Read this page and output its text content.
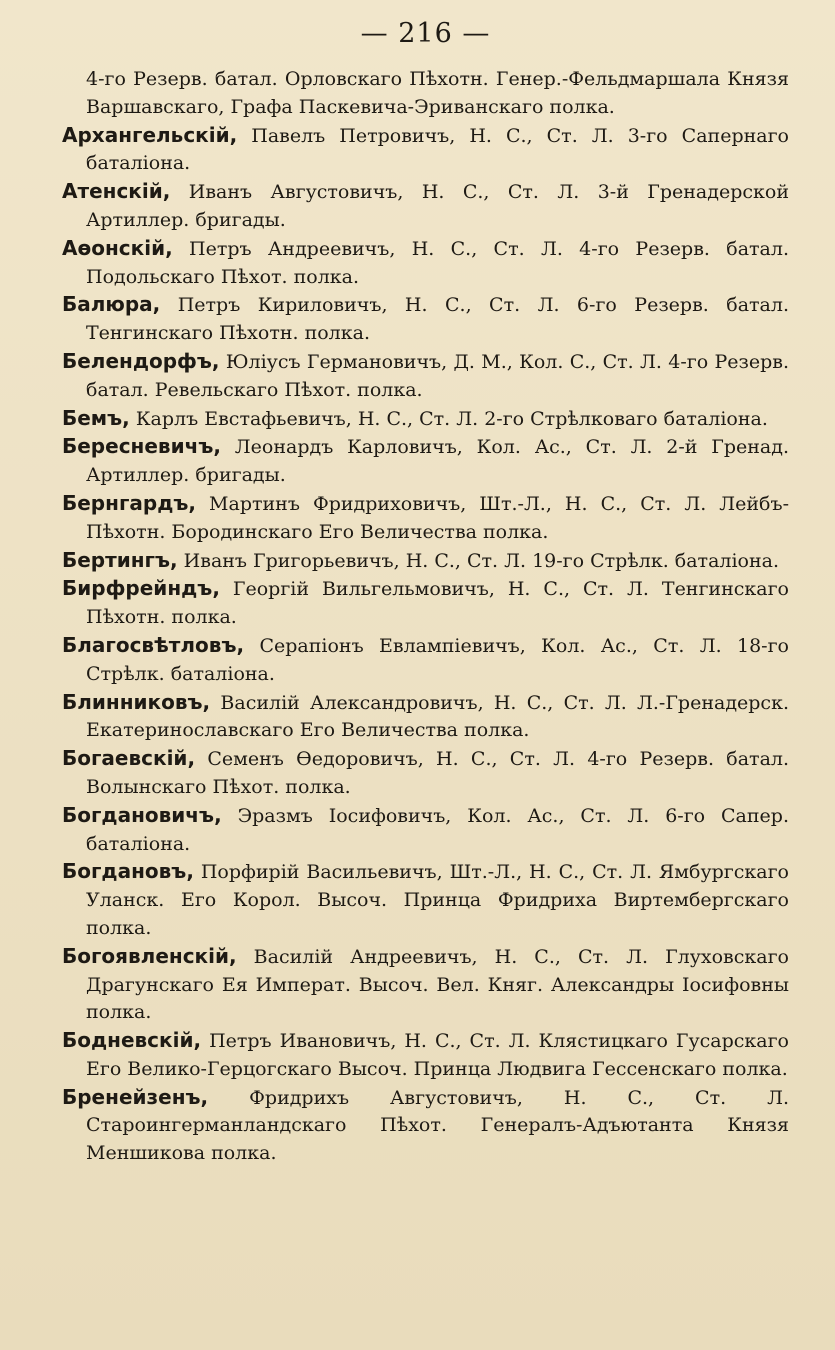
— 216 —

4-го Резерв. батал. Орловскаго Пѣхотн. Генер.-Фельдмаршала Князя Варшавскаго, Графа Паскевича-Эриванскаго полка.

Архангельскій, Павелъ Петровичъ, Н. С., Ст. Л. 3-го Сапернаго баталіона.

Атенскій, Иванъ Августовичъ, Н. С., Ст. Л. 3-й Гренадерской Артиллер. бригады.

Аѳонскій, Петръ Андреевичъ, Н. С., Ст. Л. 4-го Резерв. батал. Подольскаго Пѣхот. полка.

Балюра, Петръ Кириловичъ, Н. С., Ст. Л. 6-го Резерв. батал. Тенгинскаго Пѣхотн. полка.

Белендорфъ, Юліусъ Германовичъ, Д. М., Кол. С., Ст. Л. 4-го Резерв. батал. Ревельскаго Пѣхот. полка.

Бемъ, Карлъ Евстафьевичъ, Н. С., Ст. Л. 2-го Стрѣлковаго баталіона.

Бересневичъ, Леонардъ Карловичъ, Кол. Ас., Ст. Л. 2-й Гренад. Артиллер. бригады.

Бернгардъ, Мартинъ Фридриховичъ, Шт.-Л., Н. С., Ст. Л. Лейбъ-Пѣхотн. Бородинскаго Его Величества полка.

Бертингъ, Иванъ Григорьевичъ, Н. С., Ст. Л. 19-го Стрѣлк. баталіона.

Бирфрейндъ, Георгій Вильгельмовичъ, Н. С., Ст. Л. Тенгинскаго Пѣхотн. полка.

Благосвѣтловъ, Серапіонъ Евлампіевичъ, Кол. Ас., Ст. Л. 18-го Стрѣлк. баталіона.

Блинниковъ, Василій Александровичъ, Н. С., Ст. Л. Л.-Гренадерск. Екатеринославскаго Его Величества полка.

Богаевскій, Семенъ Ѳедоровичъ, Н. С., Ст. Л. 4-го Резерв. батал. Волынскаго Пѣхот. полка.

Богдановичъ, Эразмъ Іосифовичъ, Кол. Ас., Ст. Л. 6-го Сапер. баталіона.

Богдановъ, Порфирій Васильевичъ, Шт.-Л., Н. С., Ст. Л. Ямбургскаго Уланск. Его Корол. Высоч. Принца Фридриха Виртембергскаго полка.

Богоявленскій, Василій Андреевичъ, Н. С., Ст. Л. Глуховскаго Драгунскаго Ея Императ. Высоч. Вел. Княг. Александры Іосифовны полка.

Бодневскій, Петръ Ивановичъ, Н. С., Ст. Л. Клястицкаго Гусарскаго Его Велико-Герцогскаго Высоч. Принца Людвига Гессенскаго полка.

Бренейзенъ, Фридрихъ Августовичъ, Н. С., Ст. Л. Староингерманландскаго Пѣхот. Генералъ-Адъютанта Князя Меншикова полка.
